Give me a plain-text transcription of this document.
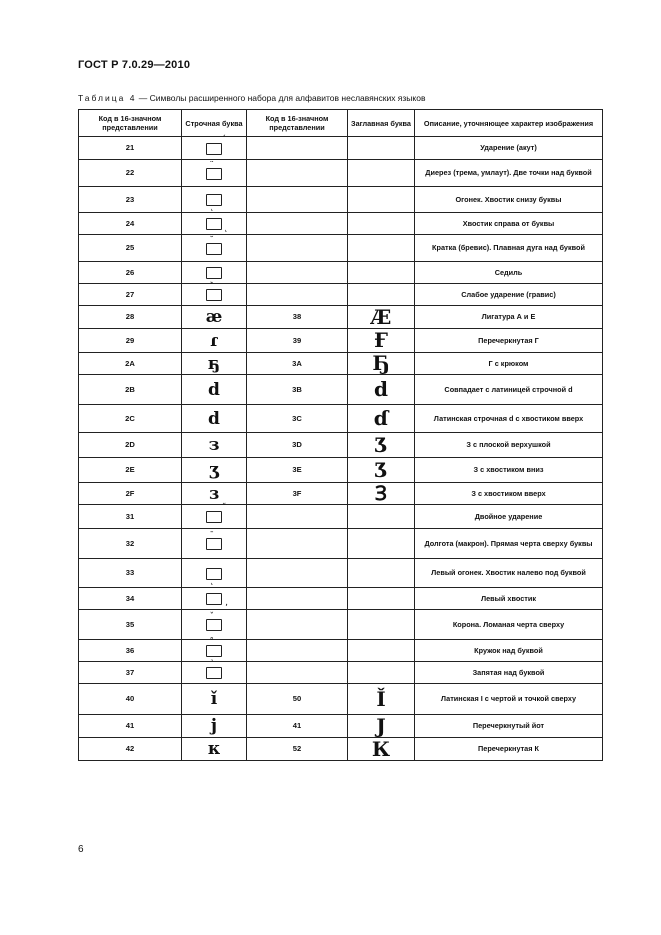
ГОСТ Р 7.0.29—2010
Таблица 4 — Символы расширенного набора для алфавитов неславянских языков
Код в 16-значном представлении	Строчная буква	Код в 16-значном представлении	Заглавная буква	Описание, уточняющее характер изображения
21				Ударение (акут)
22				Диерез (трема, умлаут). Две точки над буквой
23				Огонек. Хвостик снизу буквы
24				Хвостик справа от буквы
25				Кратка (бревис). Плавная дуга над буквой
26				Седиль
27				Слабое ударение (гравис)
28	æ	38	Æ	Лигатура А и Е
29	ɾ	39	Ғ	Перечеркнутая Г
2A	ҕ	3A	Ҕ	Г с крюком
2B	d	3B	d	Совпадает с латиницей строчной d
2C	d	3C	ɗ	Латинская строчная d с хвостиком вверх
2D	з	3D	Ʒ	З с плоской верхушкой
2E	ʒ	3E	Ʒ	З с хвостиком вниз
2F	ɜ	3F	Ɜ	З с хвостиком вверх
31				Двойное ударение
32				Долгота (макрон). Прямая черта сверху буквы
33				Левый огонек. Хвостик налево под буквой
34	,			Левый хвостик
35				Корона. Ломаная черта сверху
36				Кружок над буквой
37				Запятая над буквой
40	ǐ	50	Ǐ	Латинская I с чертой и точкой сверху
41	ј	41	Ј	Перечеркнутый йот
42	к	52	К	Перечеркнутая К
6
